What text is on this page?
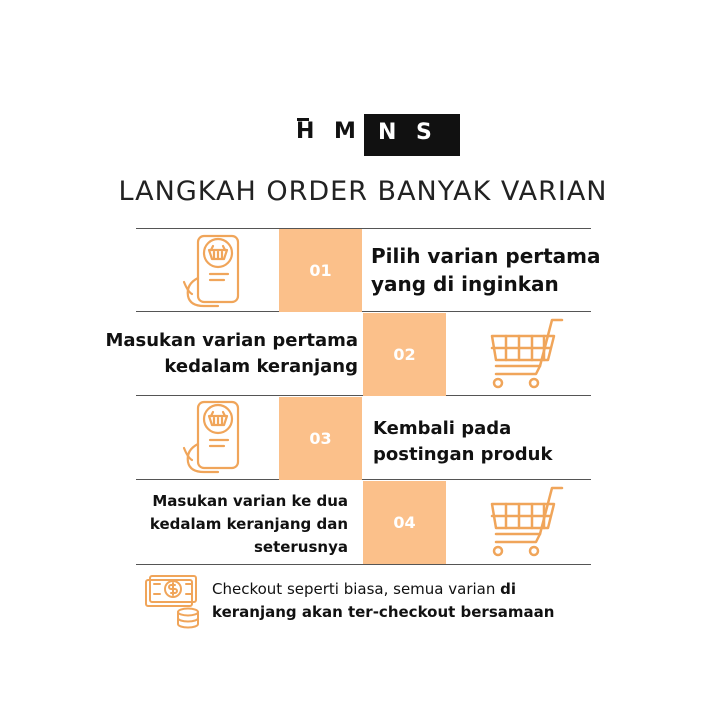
H M N S
LANGKAH ORDER BANYAK VARIAN
01
Pilih varian pertama
yang di inginkan
Masukan varian pertama
kedalam keranjang
02
03	Kembali pada
postingan produk
Masukan varian ke dua
kedalam keranjang dan
seterusnya
04
Checkout seperti biasa, semua varian di
keranjang akan ter-checkout bersamaan
